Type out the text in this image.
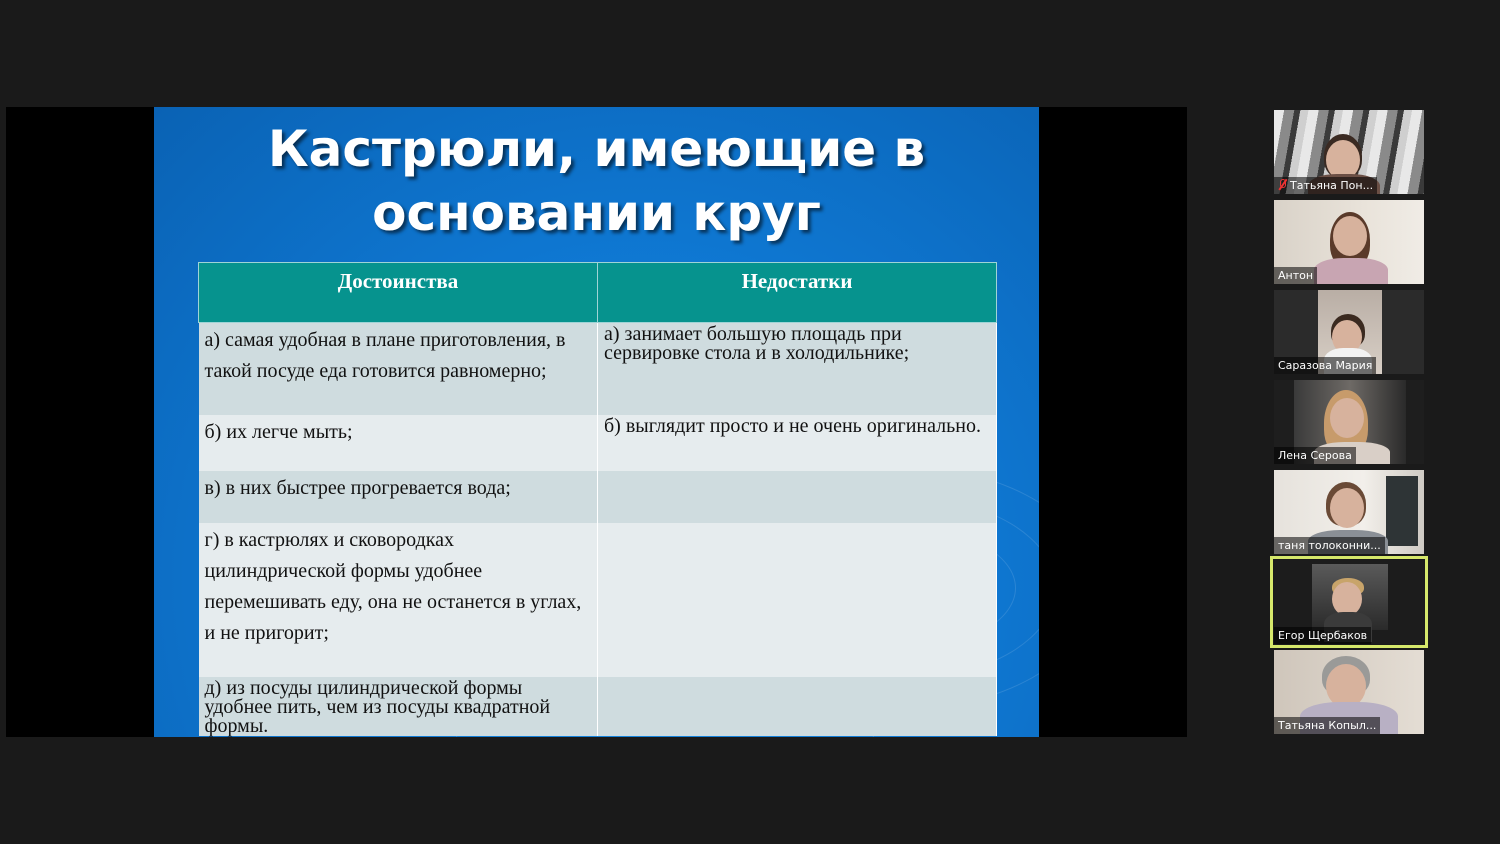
Кастрюли, имеющие в
основании круг
Достоинства	Недостатки
а) самая удобная в плане приготовления, в такой посуде еда готовится равномерно;	а) занимает большую площадь при сервировке стола и в холодильнике;
б) их легче мыть;	б) выглядит просто и не очень оригинально.
в) в них быстрее прогревается вода;	
г) в кастрюлях и сковородках цилиндрической формы удобнее перемешивать еду, она не останется в углах, и не пригорит;	
д) из посуды цилиндрической формы удобнее пить, чем из посуды квадратной формы.	
Татьяна Пон...
Антон
Саразова Мария
Лена Серова
таня толоконни...
Егор Щербаков
Татьяна Копыл...
